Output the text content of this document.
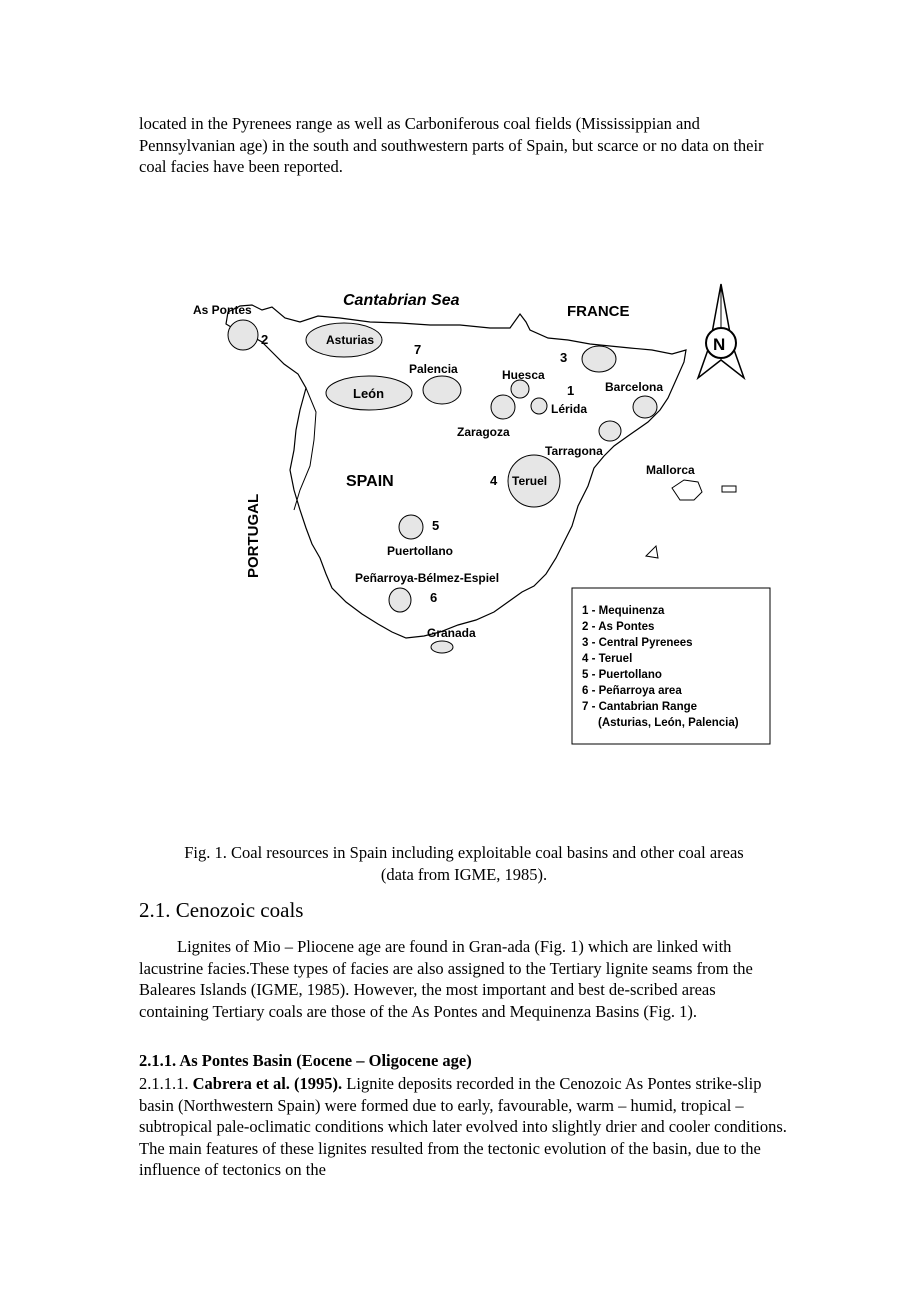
located in the Pyrenees range as well as Carboniferous coal fields (Mississippian and Pennsylvanian age) in the south and southwestern parts of Spain, but scarce or no data on their coal facies have been reported.
Cantabrian Sea
FRANCE
SPAIN
PORTUGAL
As Pontes
Asturias
León
Palencia	Huesca
Lérida
Zaragoza
Barcelona
Tarragona
Teruel
Mallorca
Puertollano
Peñarroya-Bélmez-Espiel
Granada
1
2
3
4
5
6
7	N
1 - Mequinenza
2 - As Pontes
3 - Central Pyrenees
4 - Teruel
5 - Puertollano
6 - Peñarroya area
7 - Cantabrian Range
(Asturias, León, Palencia)
Fig. 1. Coal resources in Spain including exploitable coal basins and other coal areas
(data from IGME, 1985).
2.1. Cenozoic coals
Lignites of Mio – Pliocene age are found in Gran-ada (Fig. 1) which are linked with lacustrine facies.These types of facies are also assigned to the Tertiary lignite seams from the Baleares Islands (IGME, 1985). However, the most important and best de-scribed areas containing Tertiary coals are those of the As Pontes and Mequinenza Basins (Fig. 1).
2.1.1. As Pontes Basin (Eocene – Oligocene age)
2.1.1.1. Cabrera et al. (1995). Lignite deposits recorded in the Cenozoic As Pontes strike-slip basin (Northwestern Spain) were formed due to early, favourable, warm – humid, tropical – subtropical pale-oclimatic conditions which later evolved into slightly drier and cooler conditions. The main features of these lignites resulted from the tectonic evolution of the basin, due to the influence of tectonics on the
